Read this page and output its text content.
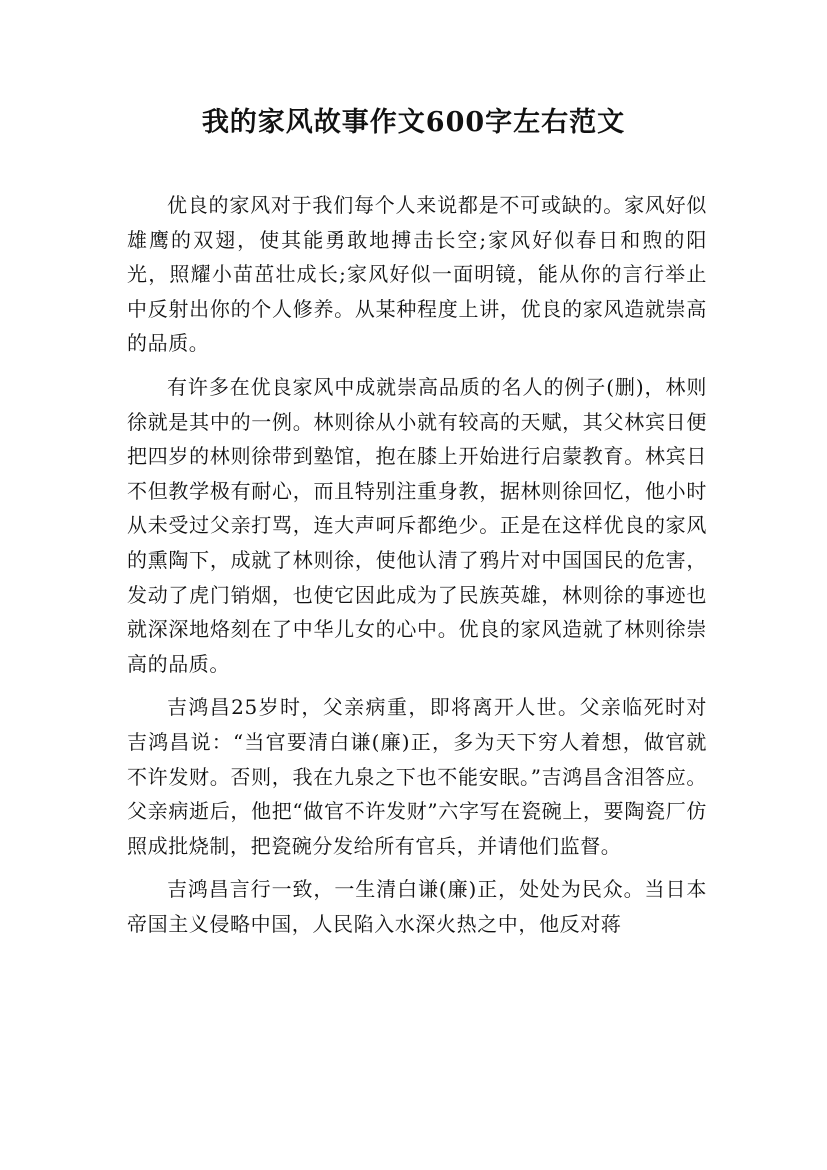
我的家风故事作文600字左右范文

优良的家风对于我们每个人来说都是不可或缺的。家风好似雄鹰的双翅，使其能勇敢地搏击长空;家风好似春日和煦的阳光，照耀小苗茁壮成长;家风好似一面明镜，能从你的言行举止中反射出你的个人修养。从某种程度上讲，优良的家风造就崇高的品质。

有许多在优良家风中成就崇高品质的名人的例子(删)，林则徐就是其中的一例。林则徐从小就有较高的天赋，其父林宾日便把四岁的林则徐带到塾馆，抱在膝上开始进行启蒙教育。林宾日不但教学极有耐心，而且特别注重身教，据林则徐回忆，他小时从未受过父亲打骂，连大声呵斥都绝少。正是在这样优良的家风的熏陶下，成就了林则徐，使他认清了鸦片对中国国民的危害，发动了虎门销烟，也使它因此成为了民族英雄，林则徐的事迹也就深深地烙刻在了中华儿女的心中。优良的家风造就了林则徐崇高的品质。

吉鸿昌25岁时，父亲病重，即将离开人世。父亲临死时对吉鸿昌说：“当官要清白谦(廉)正，多为天下穷人着想，做官就不许发财。否则，我在九泉之下也不能安眠。”吉鸿昌含泪答应。父亲病逝后，他把“做官不许发财”六字写在瓷碗上，要陶瓷厂仿照成批烧制，把瓷碗分发给所有官兵，并请他们监督。

吉鸿昌言行一致，一生清白谦(廉)正，处处为民众。当日本帝国主义侵略中国，人民陷入水深火热之中，他反对蒋
